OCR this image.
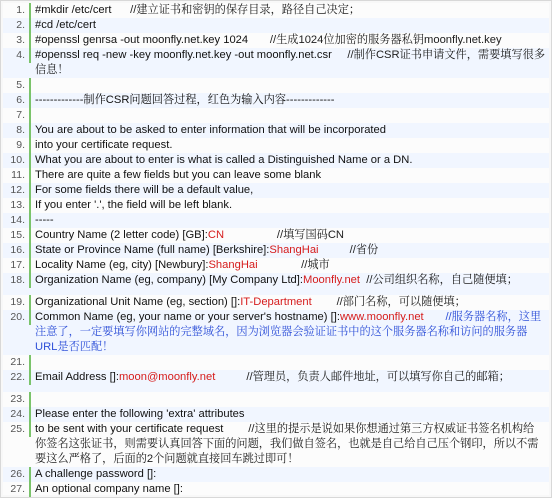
1. #mkdir /etc/cert      //建立证书和密钥的保存目录，路径自己决定；
2. #cd /etc/cert
3. #openssl genrsa -out moonfly.net.key 1024       //生成1024位加密的服务器私钥moonfly.net.key
4. #openssl req -new -key moonfly.net.key -out moonfly.net.csr     //制作CSR证书申请文件，需要填写很多信息！
5.
6. -------------制作CSR问题回答过程，红色为输入内容-------------
7.
8. You are about to be asked to enter information that will be incorporated
9. into your certificate request.
10. What you are about to enter is what is called a Distinguished Name or a DN.
11. There are quite a few fields but you can leave some blank
12. For some fields there will be a default value,
13. If you enter '.', the field will be left blank.
14. -----
15. Country Name (2 letter code) [GB]:CN	//填写国码CN
16. State or Province Name (full name) [Berkshire]:ShangHai	//省份
17. Locality Name (eg, city) [Newbury]:ShangHai	//城市
18. Organization Name (eg, company) [My Company Ltd]:Moonfly.net //公司组织名称，自己随便填；
19. Organizational Unit Name (eg, section) []:IT-Department //部门名称，可以随便填；
20. Common Name (eg, your name or your server's hostname) []:www.moonfly.net //服务器名称，这里注意了，一定要填写你网站的完整域名，因为浏览器会验证证书中的这个服务器名称和访问的服务器URL是否匹配！
21.
22. Email Address []:moon@moonfly.net	//管理员，负责人邮件地址，可以填写你自己的邮箱；
23.
24. Please enter the following 'extra' attributes
25. to be sent with your certificate request        //这里的提示是说如果你想通过第三方权威证书签名机构给你签名这张证书，则需要认真回答下面的问题，我们做自签名，也就是自己给自己压个钢印，所以不需要这么严格了，后面的2个问题就直接回车跳过即可！
26. A challenge password []:
27. An optional company name []:
